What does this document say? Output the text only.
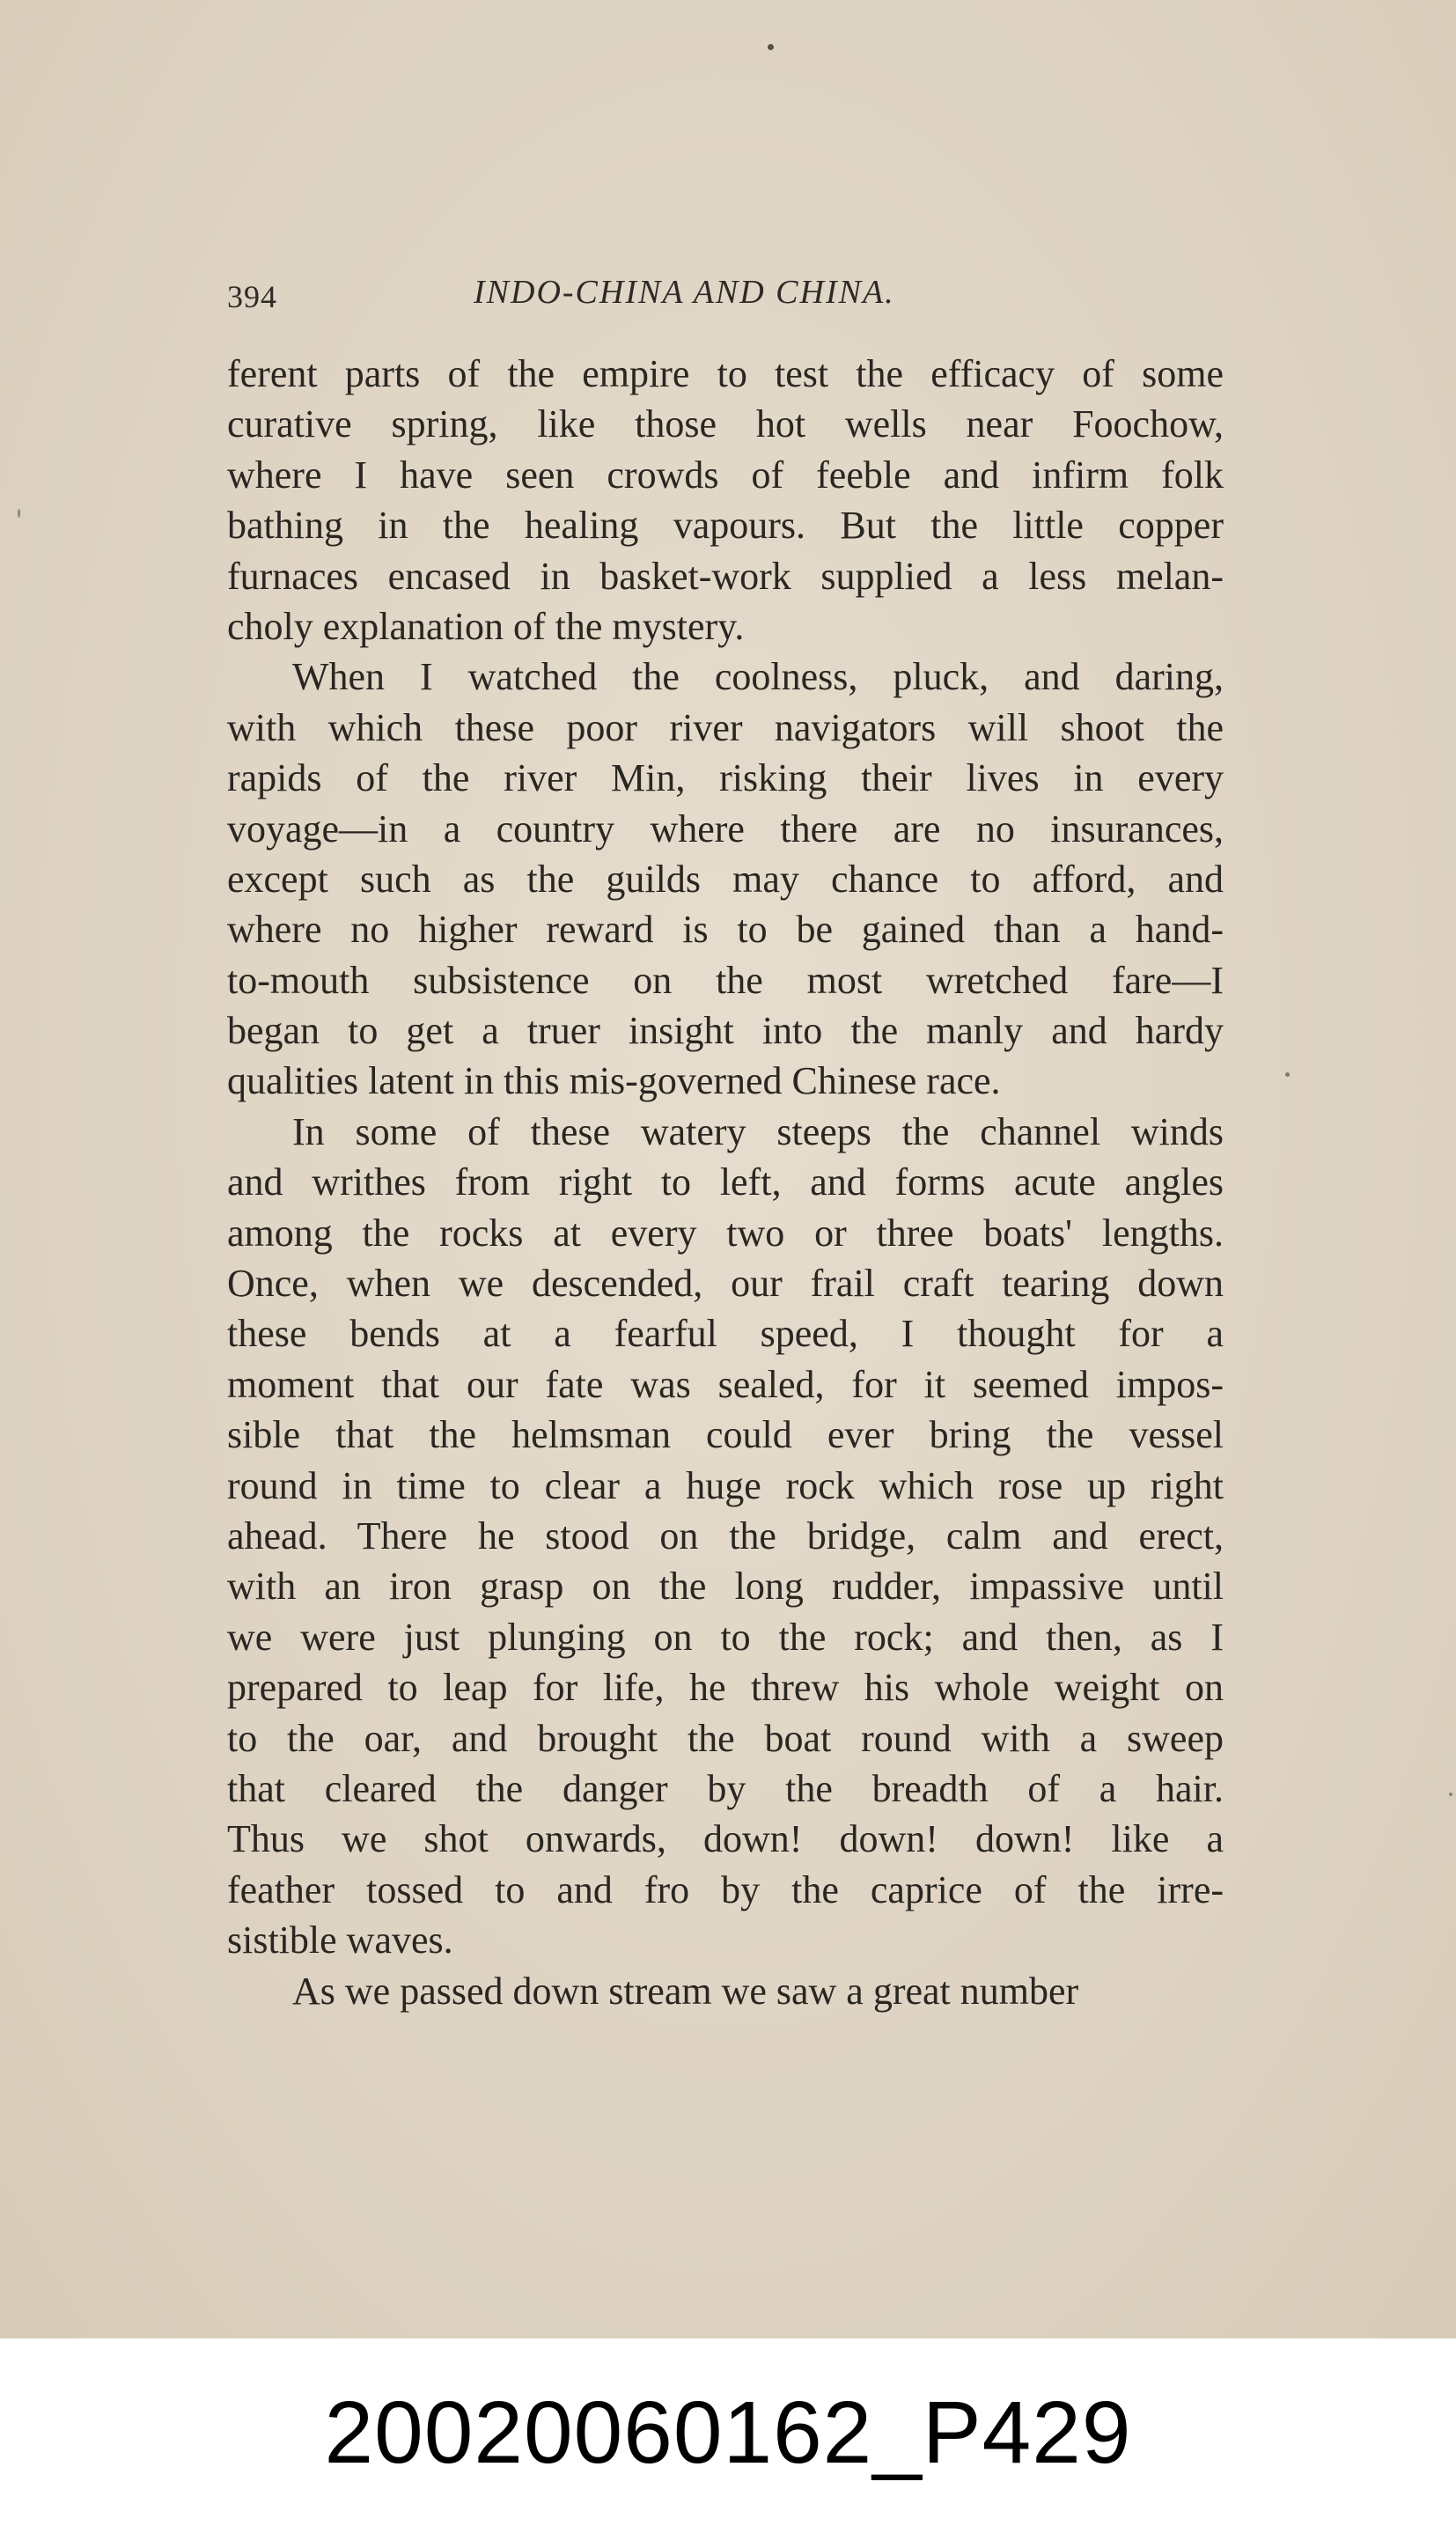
394	INDO-CHINA AND CHINA.
ferent parts of the empire to test the efficacy of some
curative spring, like those hot wells near Foochow,
where I have seen crowds of feeble and infirm folk
bathing in the healing vapours. But the little copper
furnaces encased in basket-work supplied a less melan-
choly explanation of the mystery.
When I watched the coolness, pluck, and daring,
with which these poor river navigators will shoot the
rapids of the river Min, risking their lives in every
voyage—in a country where there are no insurances,
except such as the guilds may chance to afford, and
where no higher reward is to be gained than a hand-
to-mouth subsistence on the most wretched fare—I
began to get a truer insight into the manly and hardy
qualities latent in this mis-governed Chinese race.
In some of these watery steeps the channel winds
and writhes from right to left, and forms acute angles
among the rocks at every two or three boats' lengths.
Once, when we descended, our frail craft tearing down
these bends at a fearful speed, I thought for a
moment that our fate was sealed, for it seemed impos-
sible that the helmsman could ever bring the vessel
round in time to clear a huge rock which rose up right
ahead. There he stood on the bridge, calm and erect,
with an iron grasp on the long rudder, impassive until
we were just plunging on to the rock; and then, as I
prepared to leap for life, he threw his whole weight on
to the oar, and brought the boat round with a sweep
that cleared the danger by the breadth of a hair.
Thus we shot onwards, down! down! down! like a
feather tossed to and fro by the caprice of the irre-
sistible waves.
As we passed down stream we saw a great number
20020060162_P429
